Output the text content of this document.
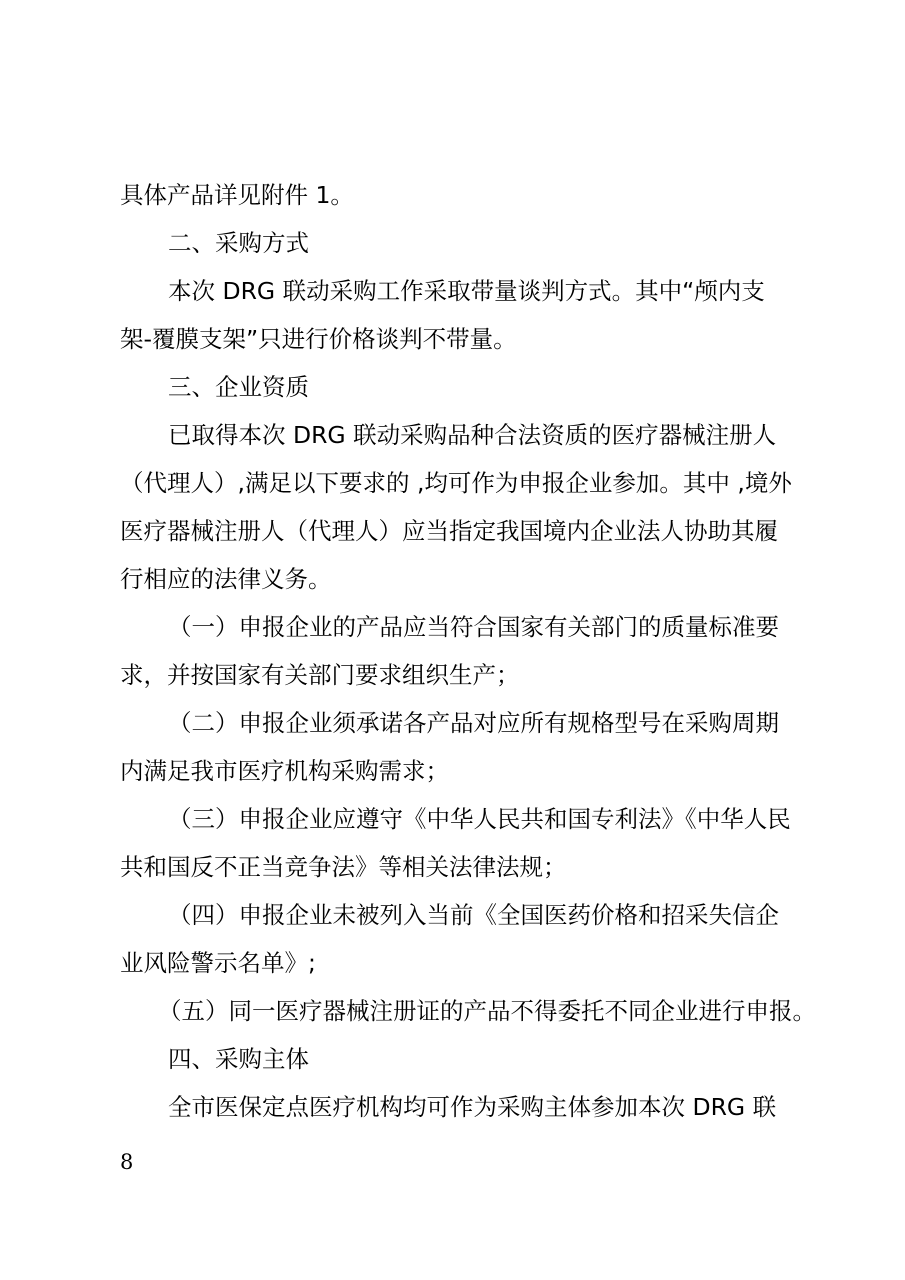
具体产品详见附件 1。
二、采购方式
本次 DRG 联动采购工作采取带量谈判方式。其中“颅内支
架-覆膜支架”只进行价格谈判不带量。
三、企业资质
已取得本次 DRG 联动采购品种合法资质的医疗器械注册人
（代理人）,满足以下要求的 ,均可作为申报企业参加。其中 ,境外
医疗器械注册人（代理人）应当指定我国境内企业法人协助其履
行相应的法律义务。
（一）申报企业的产品应当符合国家有关部门的质量标准要
求，并按国家有关部门要求组织生产；
（二）申报企业须承诺各产品对应所有规格型号在采购周期
内满足我市医疗机构采购需求；
（三）申报企业应遵守《中华人民共和国专利法》《中华人民
共和国反不正当竞争法》等相关法律法规；
（四）申报企业未被列入当前《全国医药价格和招采失信企
业风险警示名单》;
（五）同一医疗器械注册证的产品不得委托不同企业进行申报。
四、采购主体
全市医保定点医疗机构均可作为采购主体参加本次 DRG 联
8
